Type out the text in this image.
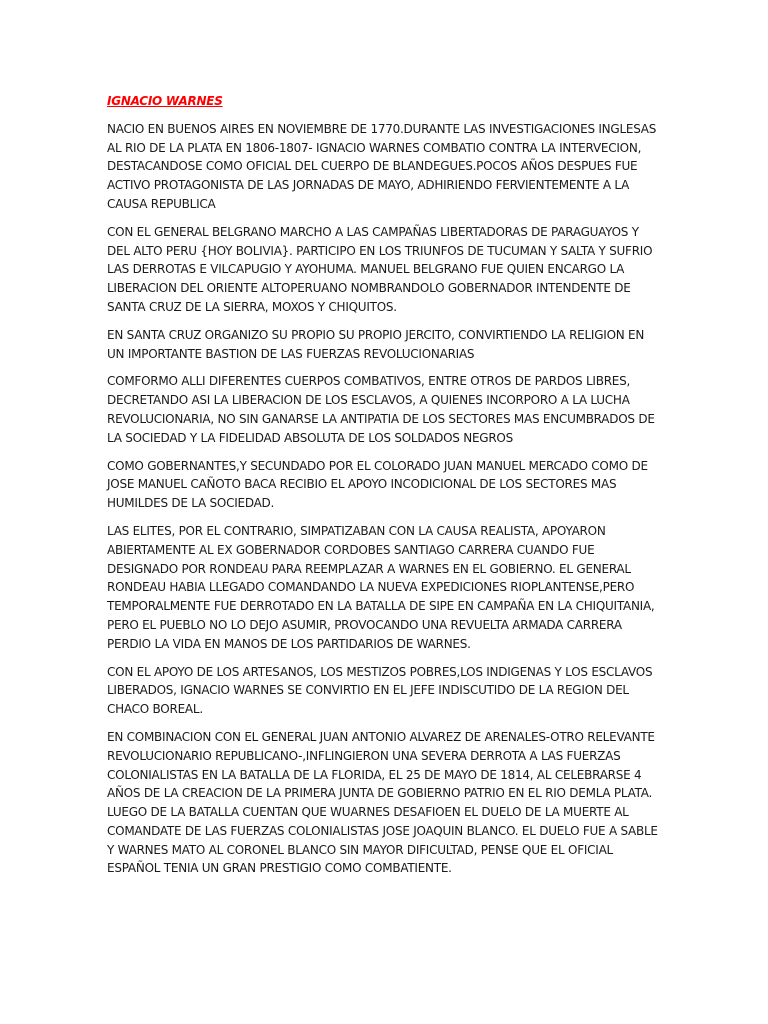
IGNACIO WARNES

NACIO EN BUENOS AIRES EN NOVIEMBRE DE 1770.DURANTE LAS INVESTIGACIONES INGLESAS AL RIO DE LA PLATA EN 1806-1807- IGNACIO WARNES COMBATIO CONTRA LA INTERVECION, DESTACANDOSE COMO OFICIAL DEL CUERPO DE BLANDEGUES.POCOS AÑOS DESPUES FUE ACTIVO PROTAGONISTA DE LAS JORNADAS DE MAYO, ADHIRIENDO FERVIENTEMENTE A LA CAUSA REPUBLICA

CON EL GENERAL BELGRANO MARCHO A LAS CAMPAÑAS LIBERTADORAS DE PARAGUAYOS Y DEL ALTO PERU {HOY BOLIVIA}. PARTICIPO EN LOS TRIUNFOS DE TUCUMAN Y SALTA Y SUFRIO LAS DERROTAS E VILCAPUGIO Y AYOHUMA. MANUEL BELGRANO FUE QUIEN ENCARGO LA LIBERACION DEL ORIENTE ALTOPERUANO NOMBRANDOLO GOBERNADOR INTENDENTE DE SANTA CRUZ DE LA SIERRA, MOXOS Y CHIQUITOS.

EN SANTA CRUZ ORGANIZO SU PROPIO SU PROPIO JERCITO, CONVIRTIENDO LA RELIGION EN UN IMPORTANTE BASTION DE LAS FUERZAS REVOLUCIONARIAS

COMFORMO ALLI DIFERENTES CUERPOS COMBATIVOS, ENTRE OTROS DE PARDOS LIBRES, DECRETANDO ASI LA LIBERACION DE LOS ESCLAVOS, A QUIENES INCORPORO A LA LUCHA REVOLUCIONARIA, NO SIN GANARSE LA ANTIPATIA DE LOS SECTORES MAS ENCUMBRADOS DE LA SOCIEDAD Y LA FIDELIDAD ABSOLUTA DE LOS SOLDADOS NEGROS

COMO GOBERNANTES,Y SECUNDADO POR EL COLORADO JUAN MANUEL MERCADO COMO DE JOSE MANUEL CAÑOTO BACA RECIBIO EL APOYO INCODICIONAL DE LOS SECTORES MAS HUMILDES DE LA SOCIEDAD.

LAS ELITES, POR EL CONTRARIO, SIMPATIZABAN CON LA CAUSA REALISTA, APOYARON ABIERTAMENTE AL EX GOBERNADOR CORDOBES SANTIAGO CARRERA CUANDO FUE DESIGNADO POR RONDEAU PARA REEMPLAZAR A WARNES EN EL GOBIERNO. EL GENERAL RONDEAU HABIA LLEGADO COMANDANDO LA NUEVA EXPEDICIONES RIOPLANTENSE,PERO TEMPORALMENTE FUE DERROTADO EN LA BATALLA DE SIPE EN CAMPAÑA EN LA CHIQUITANIA, PERO EL PUEBLO NO LO DEJO ASUMIR, PROVOCANDO UNA REVUELTA ARMADA CARRERA PERDIO LA VIDA EN MANOS DE LOS PARTIDARIOS DE WARNES.

CON EL APOYO DE LOS ARTESANOS, LOS MESTIZOS POBRES,LOS INDIGENAS Y LOS ESCLAVOS LIBERADOS, IGNACIO WARNES SE CONVIRTIO EN EL JEFE INDISCUTIDO DE LA REGION DEL CHACO BOREAL.

EN COMBINACION CON EL GENERAL JUAN ANTONIO ALVAREZ DE ARENALES-OTRO RELEVANTE REVOLUCIONARIO REPUBLICANO-,INFLINGIERON UNA SEVERA DERROTA A LAS FUERZAS COLONIALISTAS EN LA BATALLA DE LA FLORIDA, EL 25 DE MAYO DE 1814, AL CELEBRARSE 4 AÑOS DE LA CREACION DE LA PRIMERA JUNTA DE GOBIERNO PATRIO EN EL RIO DEMLA PLATA. LUEGO DE LA BATALLA CUENTAN QUE WUARNES DESAFIOEN EL DUELO DE LA MUERTE AL COMANDATE DE LAS FUERZAS COLONIALISTAS JOSE JOAQUIN BLANCO. EL DUELO FUE A SABLE Y WARNES MATO AL CORONEL BLANCO SIN MAYOR DIFICULTAD, PENSE QUE EL OFICIAL ESPAÑOL TENIA UN GRAN PRESTIGIO COMO COMBATIENTE.
